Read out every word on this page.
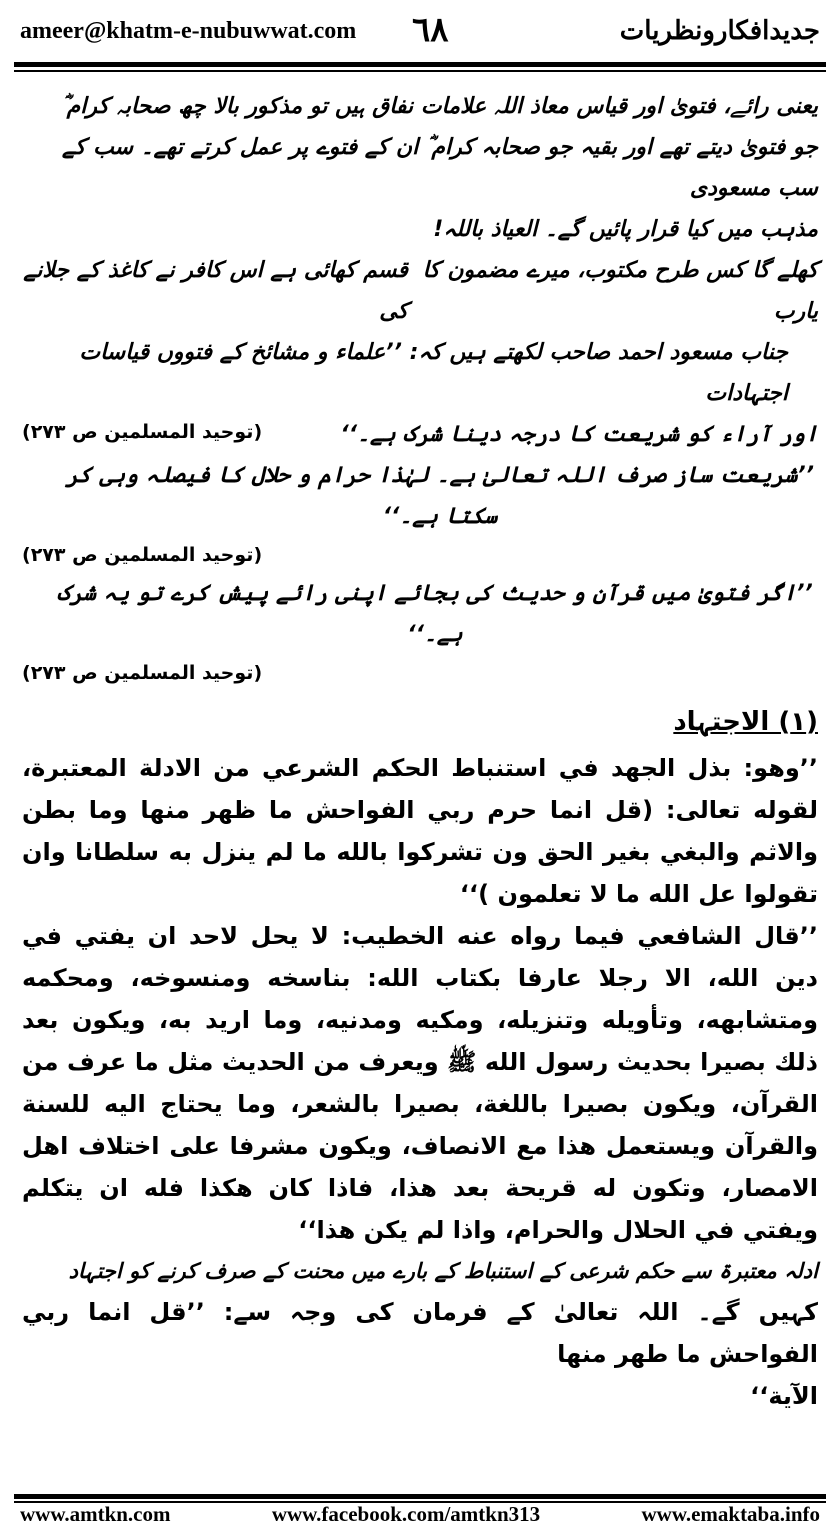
ameer@khatm-e-nubuwwat.com ٦٨	جدیدافکارونظریات
یعنی رائے، فتویٰ اور قیاس معاذ اللہ علامات نفاق ہیں تو مذکور بالا چھ صحابہ کرام ؓ
جو فتویٰ دیتے تھے اور بقیہ جو صحابہ کرام ؓ ان کے فتوے پر عمل کرتے تھے۔ سب کے سب مسعودی
مذہب میں کیا قرار پائیں گے۔ العیاذ باللہ!
کھلے گا کس طرح مکتوب، میرے مضمون کا یارب
قسم کھائی ہے اس کافر نے کاغذ کے جلانے کی
جناب مسعود احمد صاحب لکھتے ہیں کہ: ’’علماء و مشائخ کے فتووں قیاسات اجتہادات
اور آراء کو شریعت کا درجہ دینا شرک ہے۔‘‘
(توحید المسلمین ص ۲۷۳)
’’شریعت ساز صرف اللہ تعالیٰ ہے۔ لہٰذا حرام و حلال کا فیصلہ وہی کر سکتا ہے۔‘‘
(توحید المسلمین ص ۲۷۳)
’’اگر فتویٰ میں قرآن و حدیث کی بجائے اپنی رائے پیش کرے تو یہ شرک ہے۔‘‘
(توحید المسلمین ص ۲۷۳)
(۱) الاجتہاد
’’وهو: بذل الجهد في استنباط الحكم الشرعي من الادلة المعتبرة، لقوله تعالى: (قل انما حرم ربي الفواحش ما ظهر منها وما بطن والاثم والبغي بغير الحق ون تشركوا بالله ما لم ينزل به سلطانا وان تقولوا عل الله ما لا تعلمون )‘‘
’’قال الشافعي فيما رواه عنه الخطيب: لا يحل لاحد ان يفتي في دين الله، الا رجلا عارفا بكتاب الله: بناسخه ومنسوخه، ومحكمه ومتشابهه، وتأويله وتنزيله، ومكيه ومدنيه، وما اريد به، ويكون بعد ذلك بصيرا بحديث رسول الله ﷺ ويعرف من الحديث مثل ما عرف من القرآن، ويكون بصيرا باللغة، بصيرا بالشعر، وما يحتاج اليه للسنة والقرآن ويستعمل هذا مع الانصاف، ويكون مشرفا على اختلاف اهل الامصار، وتكون له قريحة بعد هذا، فاذا كان هكذا فله ان يتكلم ويفتي في الحلال والحرام، واذا لم يكن هذا‘‘
ادلہ معتبرۃ سے حکم شرعی کے استنباط کے بارے میں محنت کے صرف کرنے کو اجتہاد
کہیں گے۔ اللہ تعالیٰ کے فرمان کی وجہ سے: ’’قل انما ربي الفواحش ما طهر منها
الآية‘‘
www.amtkn.com	www.facebook.com/amtkn313	www.emaktaba.info
